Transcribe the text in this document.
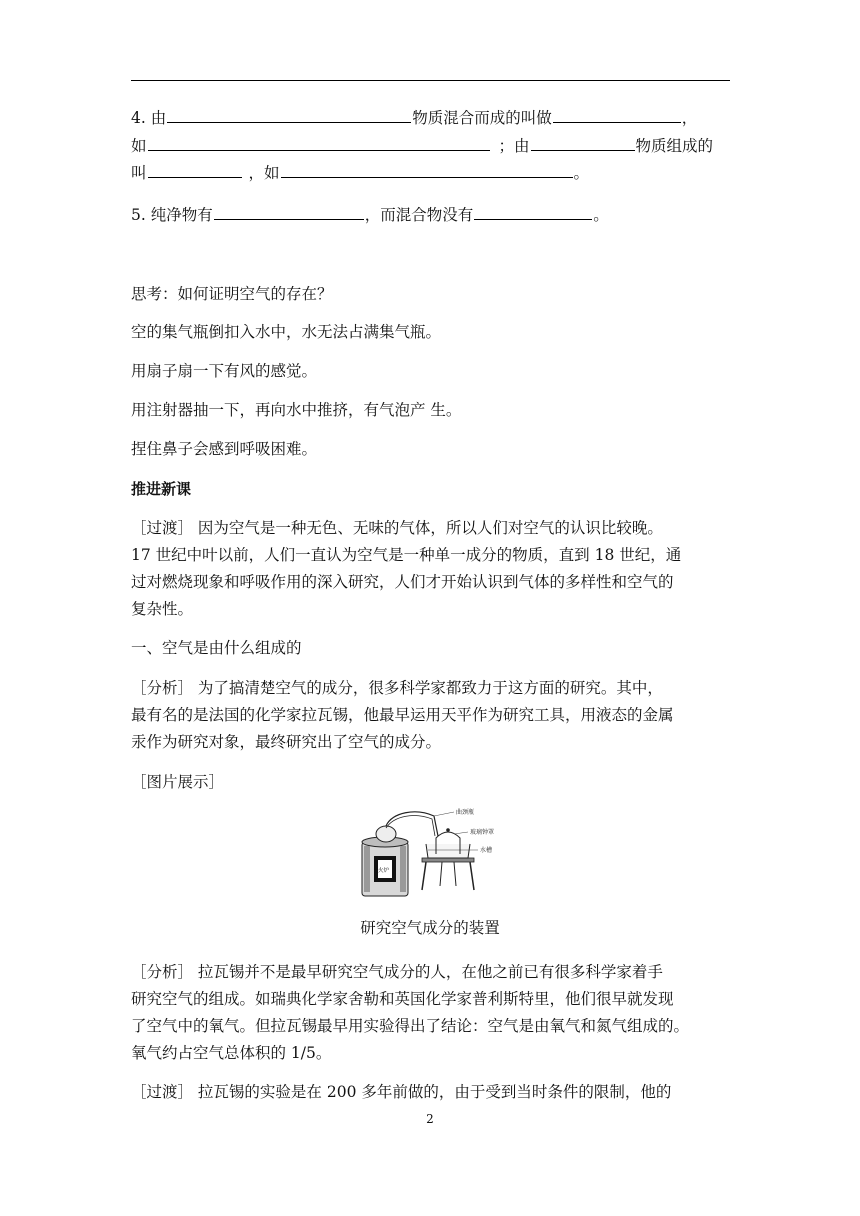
4. 由	物质混合而成的叫做	，
如	；由	物质组成的
叫	，如	。
5. 纯净物有	，而混合物没有	。
思考：如何证明空气的存在？
空的集气瓶倒扣入水中，水无法占满集气瓶。
用扇子扇一下有风的感觉。
用注射器抽一下，再向水中推挤，有气泡产 生。
捏住鼻子会感到呼吸困难。
推进新课
［过渡］ 因为空气是一种无色、无味的气体，所以人们对空气的认识比较晚。
17 世纪中叶以前，人们一直认为空气是一种单一成分的物质，直到 18 世纪，通
过对燃烧现象和呼吸作用的深入研究，人们才开始认识到气体的多样性和空气的
复杂性。
一、空气是由什么组成的
［分析］ 为了搞清楚空气的成分，很多科学家都致力于这方面的研究。其中，
最有名的是法国的化学家拉瓦锡，他最早运用天平作为研究工具，用液态的金属
汞作为研究对象，最终研究出了空气的成分。
［图片展示］
曲颈瓶
玻璃钟罩
水槽
火炉
研究空气成分的装置
［分析］ 拉瓦锡并不是最早研究空气成分的人，在他之前已有很多科学家着手
研究空气的组成。如瑞典化学家舍勒和英国化学家普利斯特里，他们很早就发现
了空气中的氧气。但拉瓦锡最早用实验得出了结论：空气是由氧气和氮气组成的。
氧气约占空气总体积的 1/5。
［过渡］ 拉瓦锡的实验是在 200 多年前做的，由于受到当时条件的限制，他的
2
